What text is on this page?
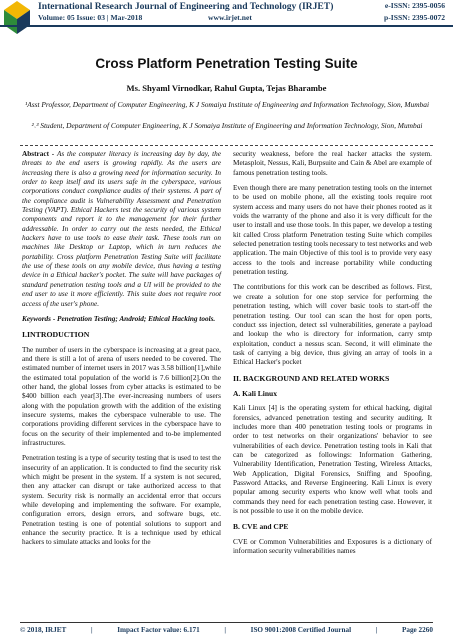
International Research Journal of Engineering and Technology (IRJET)
Volume: 05 Issue: 03 | Mar-2018	www.irjet.net
e-ISSN: 2395-0056
p-ISSN: 2395-0072
Cross Platform Penetration Testing Suite
Ms. Shyaml Virnodkar, Rahul Gupta, Tejas Bharambe
¹Asst Professor, Department of Computer Engineering, K J Somaiya Institute of Engineering and Information Technology, Sion, Mumbai
²˒³ Student, Department of Computer Engineering, K J Somaiya Institute of Engineering and Information Technology, Sion, Mumbai

Abstract - As the computer literacy is increasing day by day, the threats to the end users is growing rapidly. As the users are increasing there is also a growing need for information security. In order to keep itself and its users safe in the cyberspace, various corporations conduct compliance audits of their systems. A part of the compliance audit is Vulnerability Assessment and Penetration Testing (VAPT). Ethical Hackers test the security of various system components and report it to the management for their further addressable. In order to carry out the tests needed, the Ethical hackers have to use tools to ease their task. These tools run on machines like Desktop or Laptop, which in turn reduces the portability. Cross platform Penetration Testing Suite will facilitate the use of these tools on any mobile device, thus having a testing device in a Ethical hacker's pocket. The suite will have packages of standard penetration testing tools and a UI will be provided to the end user to use it more efficiently. This suite does not require root access of the user's phone.

Keywords - Penetration Testing; Android; Ethical Hacking tools.

I.INTRODUCTION

The number of users in the cyberspace is increasing at a great pace, and there is still a lot of arena of users needed to be covered. The estimated number of internet users in 2017 was 3.58 billion[1],while the estimated total population of the world is 7.6 billion[2].On the other hand, the global losses from cyber attacks is estimated to be $400 billion each year[3].The ever-increasing numbers of users along with the population growth with the addition of the existing insecure systems, makes the cyberspace vulnerable to use. The corporations providing different services in the cyberspace have to focus on the security of their implemented and to-be implemented infrastructures.

Penetration testing is a type of security testing that is used to test the insecurity of an application. It is conducted to find the security risk which might be present in the system. If a system is not secured, then any attacker can disrupt or take authorized access to that system. Security risk is normally an accidental error that occurs while developing and implementing the software. For example, configuration errors, design errors, and software bugs, etc. Penetration testing is one of potential solutions to support and enhance the security practice. It is a technique used by ethical hackers to simulate attacks and looks for the

security weakness, before the real hacker attacks the system. Metasploit, Nessus, Kali, Burpsuite and Cain & Abel are example of famous penetration testing tools.

Even though there are many penetration testing tools on the internet to be used on mobile phone, all the existing tools require root system access and many users do not have their phones rooted as it voids the warranty of the phone and also it is very difficult for the user to install and use those tools. In this paper, we develop a testing kit called Cross platform Penetration testing Suite which compiles selected penetration testing tools necessary to test networks and web application. The main Objective of this tool is to provide very easy access to the tools and increase portability while conducting penetration testing.

The contributions for this work can be described as follows. First, we create a solution for one stop service for performing the penetration testing, which will cover basic tools to start-off the penetration testing. Our tool can scan the host for open ports, conduct sss injection, detect ssl vulnerabilities, generate a payload and lookup the who is directory for information, carry smtp exploitation, conduct a nessus scan. Second, it will eliminate the task of carrying a big device, thus giving an array of tools in a Ethical Hacker's pocket

II. BACKGROUND AND RELATED WORKS
A. Kali Linux

Kali Linux [4] is the operating system for ethical hacking, digital forensics, advanced penetration testing and security auditing. It includes more than 400 penetration testing tools or programs in order to test networks on their organizations' behavior to see vulnerabilities of each device. Penetration testing tools in Kali that can be categorized as followings: Information Gathering, Vulnerability Identification, Penetration Testing, Wireless Attacks, Web Application, Digital Forensics, Sniffing and Spoofing, Password Attacks, and Reverse Engineering. Kali Linux is every popular among security experts who know well what tools and commands they need for each penetration testing case. However, it is not possible to use it on the mobile device.

B. CVE and CPE

CVE or Common Vulnerabilities and Exposures is a dictionary of information security vulnerabilities names

© 2018, IRJET	|	Impact Factor value: 6.171	|	ISO 9001:2008 Certified Journal	|	Page 2260
